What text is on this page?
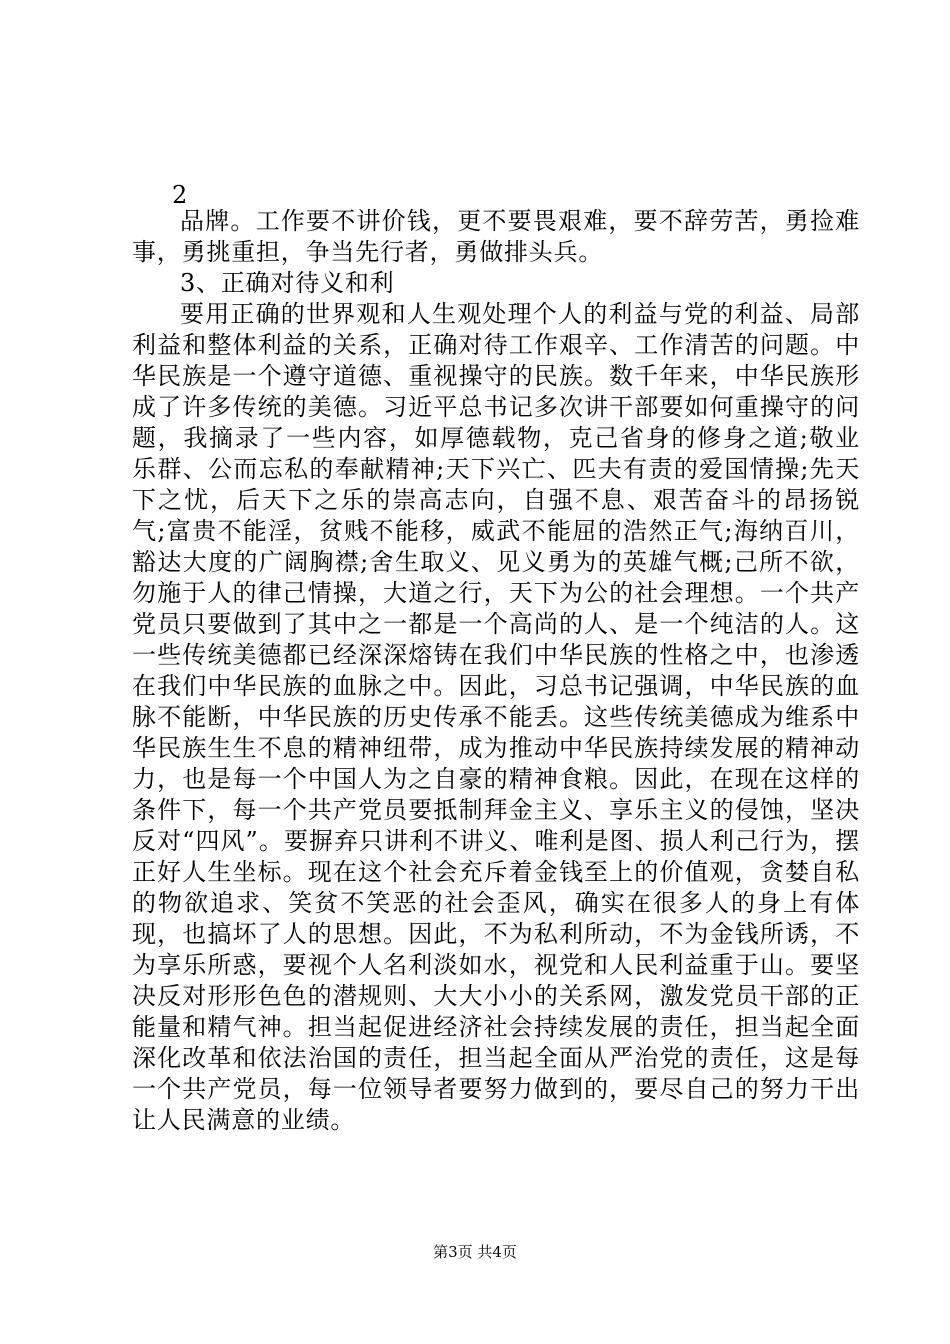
2

品牌。工作要不讲价钱，更不要畏艰难，要不辞劳苦，勇捡难事，勇挑重担，争当先行者，勇做排头兵。

3、正确对待义和利

要用正确的世界观和人生观处理个人的利益与党的利益、局部利益和整体利益的关系，正确对待工作艰辛、工作清苦的问题。中华民族是一个遵守道德、重视操守的民族。数千年来，中华民族形成了许多传统的美德。习近平总书记多次讲干部要如何重操守的问题，我摘录了一些内容，如厚德载物，克己省身的修身之道;敬业乐群、公而忘私的奉献精神;天下兴亡、匹夫有责的爱国情操;先天下之忧，后天下之乐的崇高志向，自强不息、艰苦奋斗的昂扬锐气;富贵不能淫，贫贱不能移，威武不能屈的浩然正气;海纳百川，豁达大度的广阔胸襟;舍生取义、见义勇为的英雄气概;己所不欲，勿施于人的律己情操，大道之行，天下为公的社会理想。一个共产党员只要做到了其中之一都是一个高尚的人、是一个纯洁的人。这一些传统美德都已经深深熔铸在我们中华民族的性格之中，也渗透在我们中华民族的血脉之中。因此，习总书记强调，中华民族的血脉不能断，中华民族的历史传承不能丢。这些传统美德成为维系中华民族生生不息的精神纽带，成为推动中华民族持续发展的精神动力，也是每一个中国人为之自豪的精神食粮。因此，在现在这样的条件下，每一个共产党员要抵制拜金主义、享乐主义的侵蚀，坚决反对“四风”。要摒弃只讲利不讲义、唯利是图、损人利己行为，摆正好人生坐标。现在这个社会充斥着金钱至上的价值观，贪婪自私的物欲追求、笑贫不笑恶的社会歪风，确实在很多人的身上有体现，也搞坏了人的思想。因此，不为私利所动，不为金钱所诱，不为享乐所惑，要视个人名利淡如水，视党和人民利益重于山。要坚决反对形形色色的潜规则、大大小小的关系网，激发党员干部的正能量和精气神。担当起促进经济社会持续发展的责任，担当起全面深化改革和依法治国的责任，担当起全面从严治党的责任，这是每一个共产党员，每一位领导者要努力做到的，要尽自己的努力干出让人民满意的业绩。

第3页 共4页
